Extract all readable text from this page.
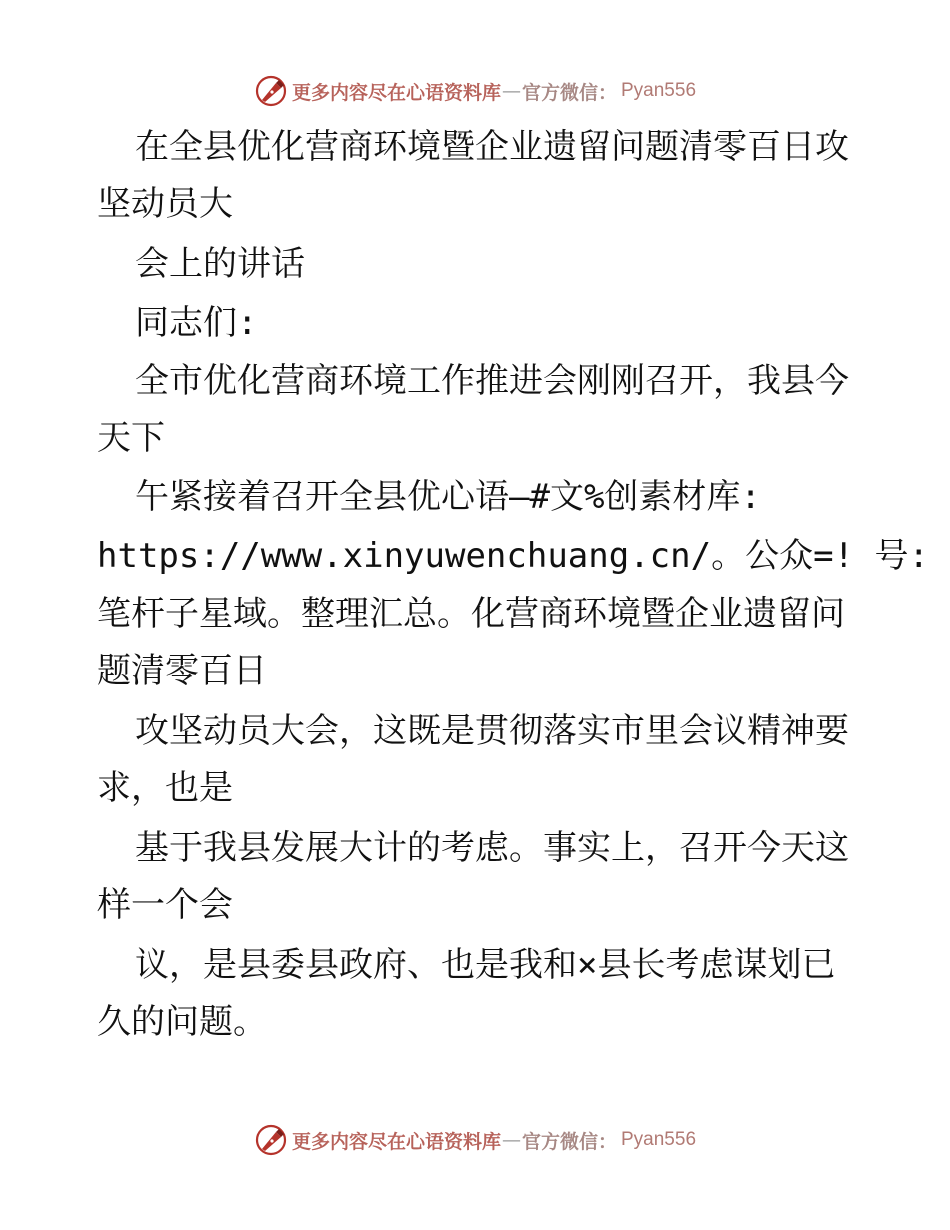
更多内容尽在心语资料库 — 官方微信： Pyan556
在全县优化营商环境暨企业遗留问题清零百日攻
坚动员大
会上的讲话
同志们:
全市优化营商环境工作推进会刚刚召开，我县今
天下
午紧接着召开全县优心语—#文%创素材库:
https://www.xinyuwenchuang.cn/。公众=! 号:
笔杆子星域。整理汇总。化营商环境暨企业遗留问
题清零百日
攻坚动员大会，这既是贯彻落实市里会议精神要
求，也是
基于我县发展大计的考虑。事实上，召开今天这
样一个会
议，是县委县政府、也是我和×县长考虑谋划已
久的问题。
更多内容尽在心语资料库 — 官方微信： Pyan556
